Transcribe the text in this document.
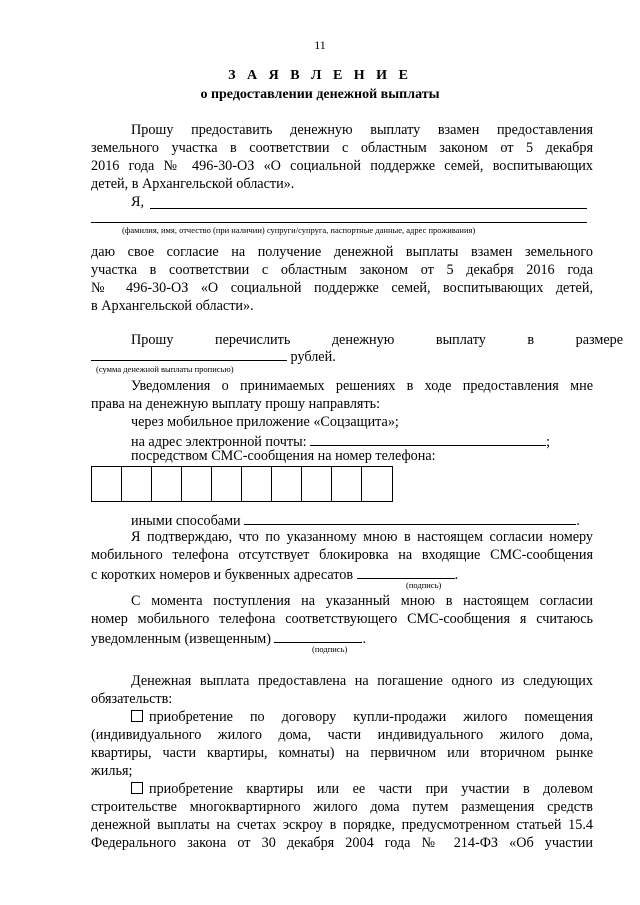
11
З А Я В Л Е Н И Е
о предоставлении денежной выплаты
Прошу предоставить денежную выплату взамен предоставления
земельного участка в соответствии с областным законом от 5 декабря
2016 года № 496-30-ОЗ «О социальной поддержке семей, воспитывающих
детей, в Архангельской области».
Я,
(фамилия, имя, отчество (при наличии) супруги/супруга, паспортные данные, адрес проживания)
даю свое согласие на получение денежной выплаты взамен земельного
участка в соответствии с областным законом от 5 декабря 2016 года
№ 496-30-ОЗ «О социальной поддержке семей, воспитывающих детей,
в Архангельской области».
Прошу перечислить денежную выплату в размере
рублей.
(сумма денежной выплаты прописью)
Уведомления о принимаемых решениях в ходе предоставления мне
права на денежную выплату прошу направлять:
через мобильное приложение «Соцзащита»;
на адрес электронной почты:	;
посредством СМС-сообщения на номер телефона:
иными способами	.
Я подтверждаю, что по указанному мною в настоящем согласии номеру
мобильного телефона отсутствует блокировка на входящие СМС-сообщения
с коротких номеров и буквенных адресатов	.
(подпись)
С момента поступления на указанный мною в настоящем согласии
номер мобильного телефона соответствующего СМС-сообщения я считаюсь
уведомленным (извещенным)	.
(подпись)
Денежная выплата предоставлена на погашение одного из следующих
обязательств:
приобретение по договору купли-продажи жилого помещения
(индивидуального жилого дома, части индивидуального жилого дома,
квартиры, части квартиры, комнаты) на первичном или вторичном рынке
жилья;
приобретение квартиры или ее части при участии в долевом
строительстве многоквартирного жилого дома путем размещения средств
денежной выплаты на счетах эскроу в порядке, предусмотренном статьей 15.4
Федерального закона от 30 декабря 2004 года № 214-ФЗ «Об участии
